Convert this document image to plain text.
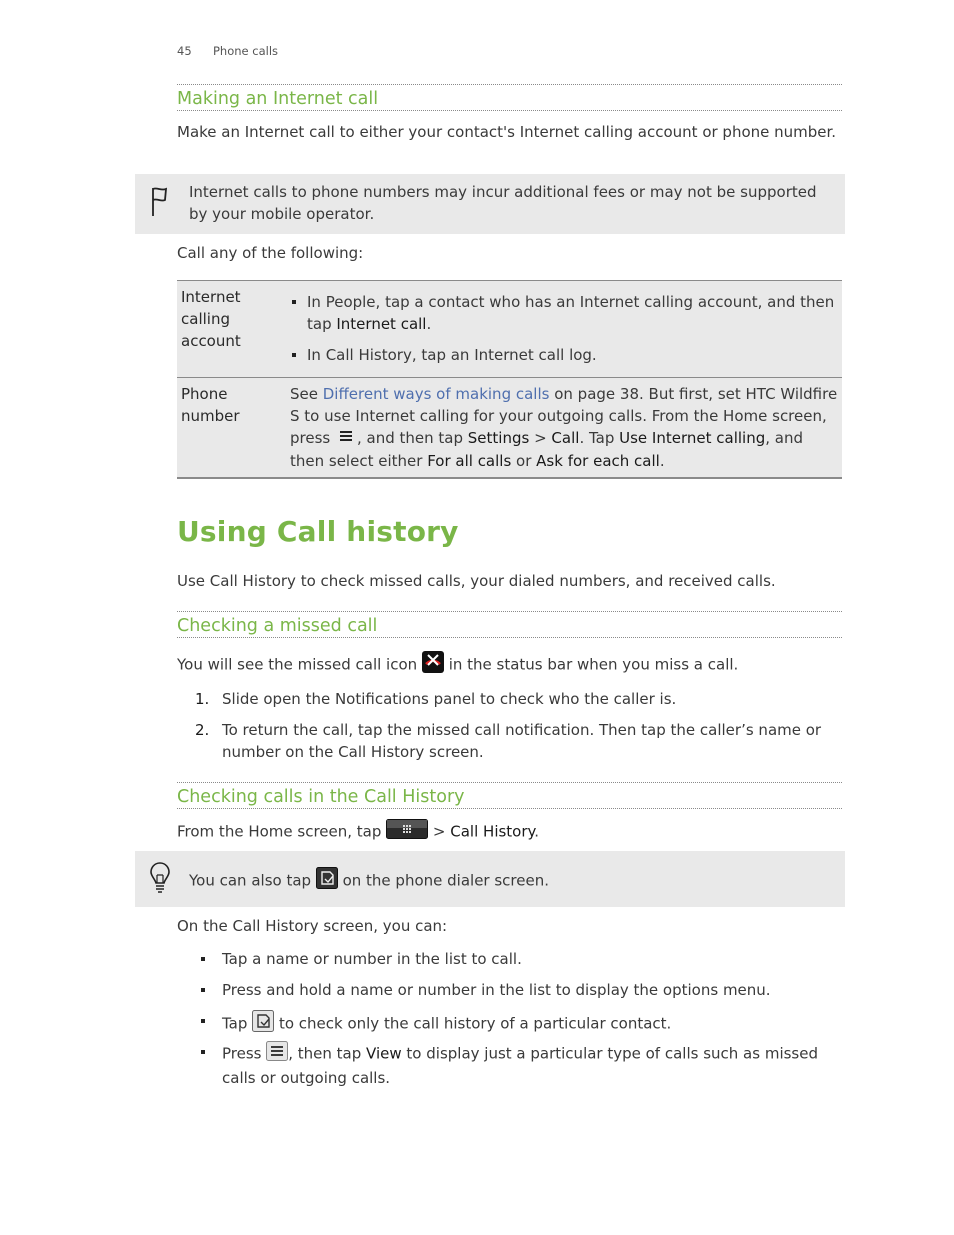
45 Phone calls
Making an Internet call
Make an Internet call to either your contact's Internet calling account or phone number.
Internet calls to phone numbers may incur additional fees or may not be supported by your mobile operator.
Call any of the following:
Internet calling account	In People, tap a contact who has an Internet calling account, and then tap Internet call.
In Call History, tap an Internet call log.

Phone number	See Different ways of making calls on page 38. But first, set HTC Wildfire S to use Internet calling for your outgoing calls. From the Home screen, press , and then tap Settings > Call. Tap Use Internet calling, and then select either For all calls or Ask for each call.
Using Call history
Use Call History to check missed calls, your dialed numbers, and received calls.
Checking a missed call
You will see the missed call icon  in the status bar when you miss a call.
1. Slide open the Notifications panel to check who the caller is.
2. To return the call, tap the missed call notification. Then tap the caller’s name or number on the Call History screen.
Checking calls in the Call History
From the Home screen, tap	> Call History.
You can also tap  on the phone dialer screen.
On the Call History screen, you can:
Tap a name or number in the list to call.
Press and hold a name or number in the list to display the options menu.
Tap  to check only the call history of a particular contact.
Press , then tap View to display just a particular type of calls such as missed calls or outgoing calls.
